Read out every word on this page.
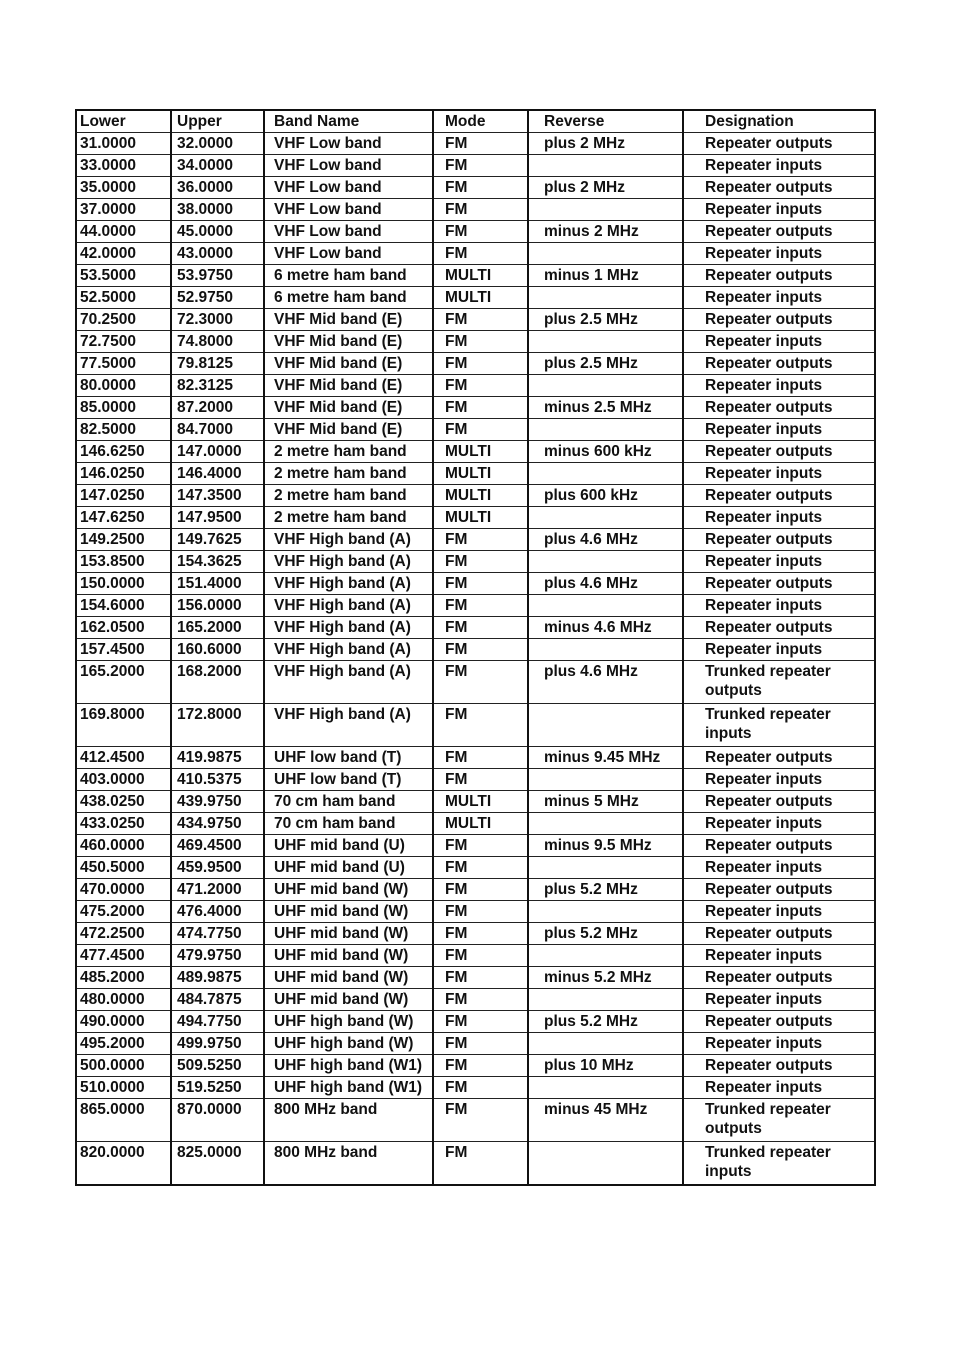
Lower	Upper	Band Name	Mode	Reverse	Designation
31.0000	32.0000	VHF Low band	FM	plus 2 MHz	Repeater outputs
33.0000	34.0000	VHF Low band	FM		Repeater inputs
35.0000	36.0000	VHF Low band	FM	plus 2 MHz	Repeater outputs
37.0000	38.0000	VHF Low band	FM		Repeater inputs
44.0000	45.0000	VHF Low band	FM	minus 2 MHz	Repeater outputs
42.0000	43.0000	VHF Low band	FM		Repeater inputs
53.5000	53.9750	6 metre ham band	MULTI	minus 1 MHz	Repeater outputs
52.5000	52.9750	6 metre ham band	MULTI		Repeater inputs
70.2500	72.3000	VHF Mid band (E)	FM	plus 2.5 MHz	Repeater outputs
72.7500	74.8000	VHF Mid band (E)	FM		Repeater inputs
77.5000	79.8125	VHF Mid band (E)	FM	plus 2.5 MHz	Repeater outputs
80.0000	82.3125	VHF Mid band (E)	FM		Repeater inputs
85.0000	87.2000	VHF Mid band (E)	FM	minus 2.5 MHz	Repeater outputs
82.5000	84.7000	VHF Mid band (E)	FM		Repeater inputs
146.6250	147.0000	2 metre ham band	MULTI	minus 600 kHz	Repeater outputs
146.0250	146.4000	2 metre ham band	MULTI		Repeater inputs
147.0250	147.3500	2 metre ham band	MULTI	plus 600 kHz	Repeater outputs
147.6250	147.9500	2 metre ham band	MULTI		Repeater inputs
149.2500	149.7625	VHF High band (A)	FM	plus 4.6 MHz	Repeater outputs
153.8500	154.3625	VHF High band (A)	FM		Repeater inputs
150.0000	151.4000	VHF High band (A)	FM	plus 4.6 MHz	Repeater outputs
154.6000	156.0000	VHF High band (A)	FM		Repeater inputs
162.0500	165.2000	VHF High band (A)	FM	minus 4.6 MHz	Repeater outputs
157.4500	160.6000	VHF High band (A)	FM		Repeater inputs
165.2000	168.2000	VHF High band (A)	FM	plus 4.6 MHz	Trunked repeater outputs
169.8000	172.8000	VHF High band (A)	FM		Trunked repeater inputs
412.4500	419.9875	UHF low band (T)	FM	minus 9.45 MHz	Repeater outputs
403.0000	410.5375	UHF low band (T)	FM		Repeater inputs
438.0250	439.9750	70 cm ham band	MULTI	minus 5 MHz	Repeater outputs
433.0250	434.9750	70 cm ham band	MULTI		Repeater inputs
460.0000	469.4500	UHF mid band (U)	FM	minus 9.5 MHz	Repeater outputs
450.5000	459.9500	UHF mid band (U)	FM		Repeater inputs
470.0000	471.2000	UHF mid band (W)	FM	plus 5.2 MHz	Repeater outputs
475.2000	476.4000	UHF mid band (W)	FM		Repeater inputs
472.2500	474.7750	UHF mid band (W)	FM	plus 5.2 MHz	Repeater outputs
477.4500	479.9750	UHF mid band (W)	FM		Repeater inputs
485.2000	489.9875	UHF mid band (W)	FM	minus 5.2 MHz	Repeater outputs
480.0000	484.7875	UHF mid band (W)	FM		Repeater inputs
490.0000	494.7750	UHF high band (W)	FM	plus 5.2 MHz	Repeater outputs
495.2000	499.9750	UHF high band (W)	FM		Repeater inputs
500.0000	509.5250	UHF high band (W1)	FM	plus 10 MHz	Repeater outputs
510.0000	519.5250	UHF high band (W1)	FM		Repeater inputs
865.0000	870.0000	800 MHz band	FM	minus 45 MHz	Trunked repeater outputs
820.0000	825.0000	800 MHz band	FM		Trunked repeater inputs
